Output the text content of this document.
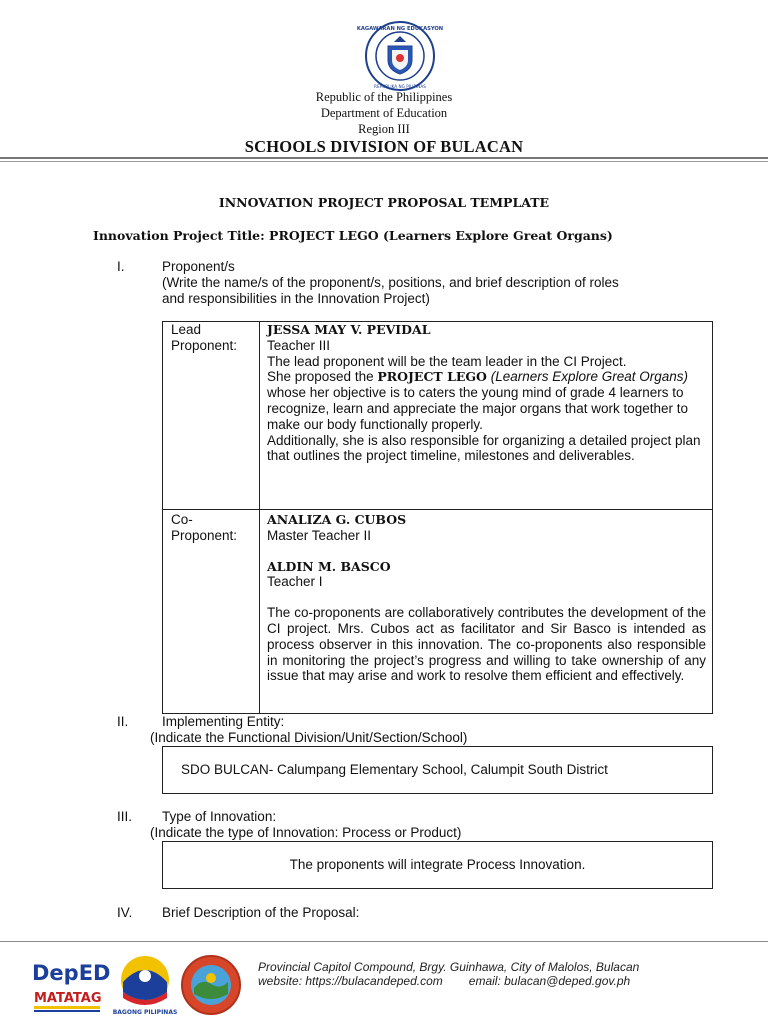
KAGAWARAN NG EDUKASYON
REPUBLIKA NG PILIPINAS
Republic of the Philippines
Department of Education
Region III
SCHOOLS DIVISION OF BULACAN
INNOVATION PROJECT PROPOSAL TEMPLATE
Innovation Project Title: PROJECT LEGO (Learners Explore Great Organs)
I.	Proponent/s
(Write the name/s of the proponent/s, positions, and brief description of roles
and responsibilities in the Innovation Project)
Lead
Proponent:
JESSA MAY V. PEVIDAL
Teacher III
The lead proponent will be the team leader in the CI Project.
She proposed the PROJECT LEGO (Learners Explore Great Organs) whose her objective is to caters the young mind of grade 4 learners to recognize, learn and appreciate the major organs that work together to make our body functionally properly.
Additionally, she is also responsible for organizing a detailed project plan that outlines the project timeline, milestones and deliverables.
Co-
Proponent:
ANALIZA G. CUBOS
Master Teacher II
ALDIN M. BASCO
Teacher I
The co-proponents are collaboratively contributes the development of the CI project. Mrs. Cubos act as facilitator and Sir Basco is intended as process observer in this innovation. The co-proponents also responsible in monitoring the project’s progress and willing to take ownership of any issue that may arise and work to resolve them efficient and effectively.
II. Implementing Entity:
(Indicate the Functional Division/Unit/Section/School)
SDO BULCAN- Calumpang Elementary School, Calumpit South District
III. Type of Innovation:
(Indicate the type of Innovation: Process or Product)
The proponents will integrate Process Innovation.
IV. Brief Description of the Proposal:
DepED
MATATAG
BAGONG PILIPINAS
Provincial Capitol Compound, Brgy. Guinhawa, City of Malolos, Bulacan
website: https://bulacandeped.com email: bulacan@deped.gov.ph
